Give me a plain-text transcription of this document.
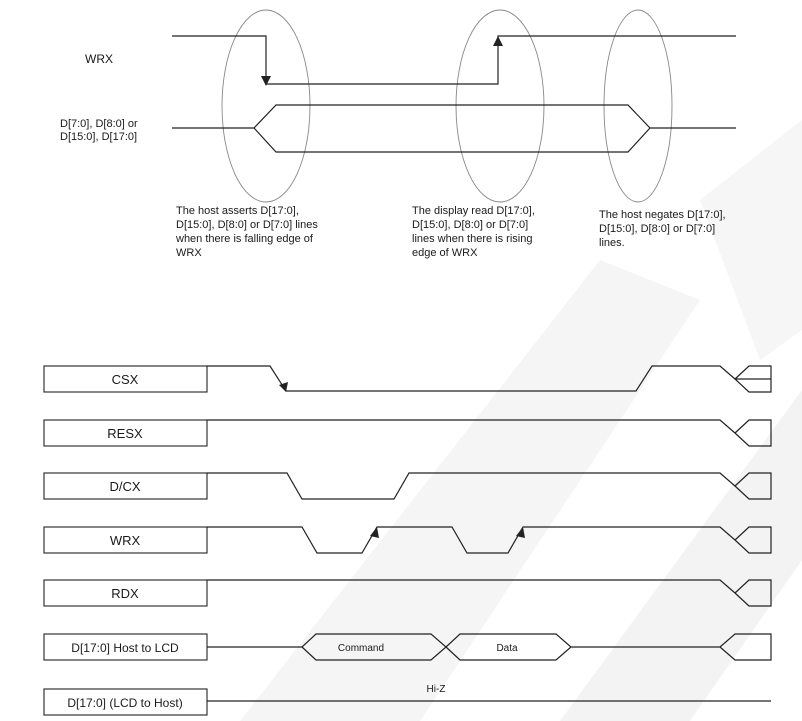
WRX
D[7:0], D[8:0] or
D[15:0], D[17:0]
The host asserts D[17:0],
D[15:0], D[8:0] or D[7:0] lines
when there is falling edge of
WRX
The display read D[17:0],
D[15:0], D[8:0] or D[7:0]
lines when there is rising
edge of WRX
The host negates D[17:0],
D[15:0], D[8:0] or D[7:0]
lines.
CSX
RESX
D/CX
WRX
RDX
D[17:0] Host to LCD	Command	Data
D[17:0] (LCD to Host)
Hi-Z
